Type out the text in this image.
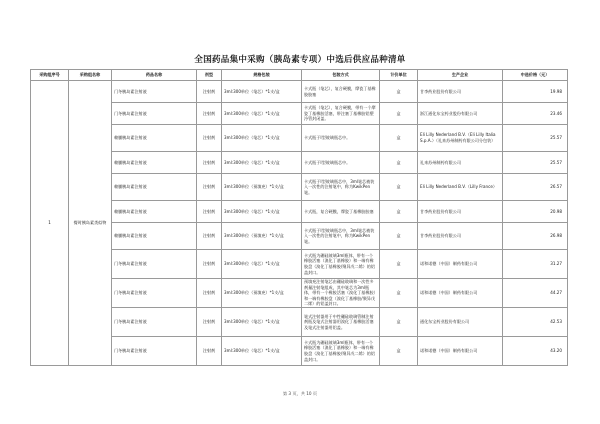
全国药品集中采购（胰岛素专项）中选后供应品种清单
采购组序号	采购组名称	药品名称	剂型	规格包装	包装方式	计价单位	生产企业	中选价格（元）
1	餐时胰岛素类似物	门冬胰岛素注射液	注射剂	3ml:300单位（笔芯）*1支/盒	卡式瓶（笔芯），复合硬膜，摩瓷丁基橡胶胶塞	盒	甘李药业股份有限公司	19.98
		门冬胰岛素注射液	注射剂	3ml:300单位（笔芯）*1支/盒	卡式瓶（笔芯），复合硬膜，带有一个摩瓷丁基橡胶活塞，带注塞丁基橡胶铝塑冷管封闭盖。	盒	浙江通化东宝药业股份有限公司	23.46
		赖脯胰岛素注射液	注射剂	3ml:300单位（笔芯）*1支/盒	卡式瓶于Ⅰ型玻璃瓶芯中。	盒	Eli Lilly Nederland B.V.（Eli Lilly Italia S.p.A.）（礼来苏州制药有限公司分包装）	25.57
		赖脯胰岛素注射液	注射剂	3ml:300单位（笔芯）*1支/盒	卡式瓶于Ⅰ型玻璃瓶芯中。	盒	礼来苏州制药有限公司	25.57
		赖脯胰岛素注射液	注射剂	3ml:300单位（预填充）*1支/盒	卡式瓶于Ⅰ型玻璃瓶芯中，3ml笔芯被装入一次性的注射笔中，称为KwikPen笔。	盒	Eli Lilly Nederland B.V.（Lilly France）	26.57
		赖脯胰岛素注射液	注射剂	3ml:300单位（笔芯）*1支/盒	卡式瓶，复合硬膜，摩瓷丁基橡胶胶塞	盒	甘李药业股份有限公司	20.98
		赖脯胰岛素注射液	注射剂	3ml:300单位（预填充）*1支/盒	卡式瓶于Ⅰ型玻璃瓶芯中，3ml笔芯被装入一次性的注射笔中，称为KwikPen笔。	盒	甘李药业股份有限公司	26.98
		门冬胰岛素注射液	注射剂	3ml:300单位（笔芯）*1支/盒	卡式瓶为硼硅玻璃3ml瓶体，带有一个橡胶活塞（溴化丁基橡胶）和一端有橡胶盘（溴化丁基橡胶/聚异戊二烯）的铝盖封口。	盒	诺和诺德（中国）制药有限公司	31.27
		门冬胰岛素注射液	注射剂	3ml:300单位（预填充）*1支/盒	预填充注射笔芯由硼硅玻璃和一次性多剂量注射笔组成，其中笔芯为3ml瓶体，带有一个橡胶活塞（溴化丁基橡胶）和一端有橡胶盘（溴化丁基橡胶/聚异戊二烯）的铝盖封口。	盒	诺和诺德（中国）制药有限公司	44.27
		门冬胰岛素注射液	注射剂	3ml:300单位（笔芯）*1支/盒	笔式注射器用于中性硼硅玻璃管制注射剂瓶及笔式注射器用溴化丁基橡胶活塞及笔式注射器用铝盖。	盒	通化东宝药业股份有限公司	42.53
		门冬胰岛素注射液	注射剂	3ml:300单位（笔芯）*1支/盒	卡式瓶为硼硅玻璃3ml瓶体，带有一个橡胶活塞（溴化丁基橡胶）和一端有橡胶盘（溴化丁基橡胶/聚异戊二烯）的铝盖封口。	盒	诺和诺德（中国）制药有限公司	43.20
第 3 页，共 10 页
